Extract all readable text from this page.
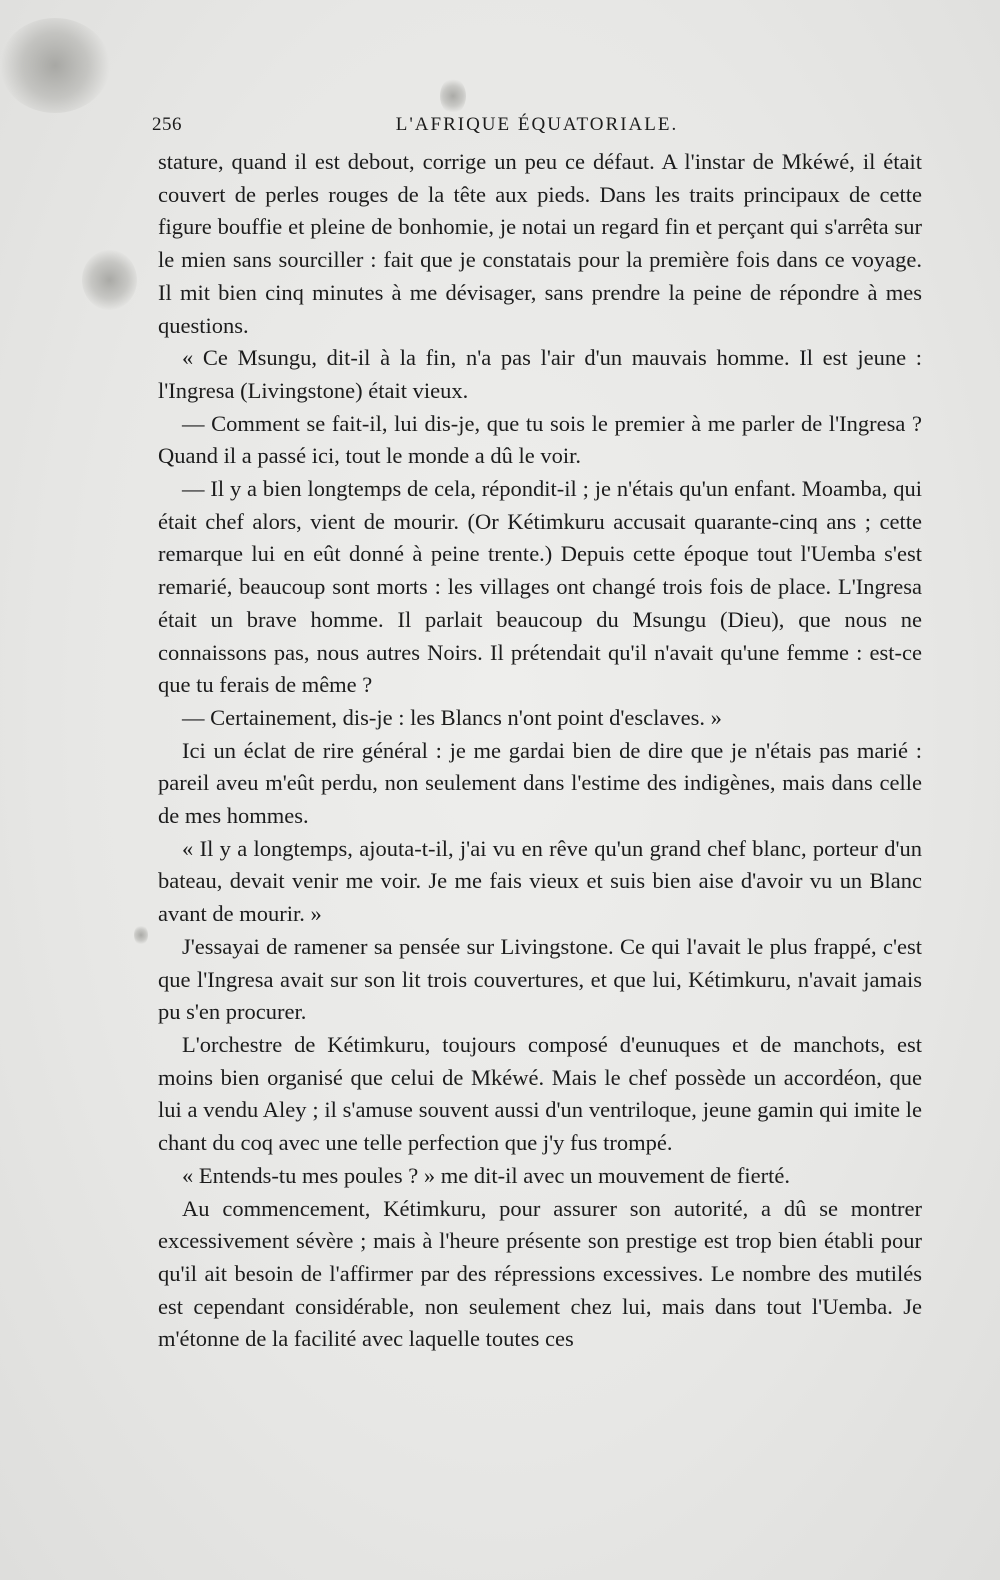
256	L'AFRIQUE ÉQUATORIALE.

stature, quand il est debout, corrige un peu ce défaut. A l'instar de Mkéwé, il était couvert de perles rouges de la tête aux pieds. Dans les traits principaux de cette figure bouffie et pleine de bonhomie, je notai un regard fin et perçant qui s'arrêta sur le mien sans sourciller : fait que je constatais pour la première fois dans ce voyage. Il mit bien cinq minutes à me dévisager, sans prendre la peine de répondre à mes questions.

« Ce Msungu, dit-il à la fin, n'a pas l'air d'un mauvais homme. Il est jeune : l'Ingresa (Livingstone) était vieux.

— Comment se fait-il, lui dis-je, que tu sois le premier à me parler de l'Ingresa ? Quand il a passé ici, tout le monde a dû le voir.

— Il y a bien longtemps de cela, répondit-il ; je n'étais qu'un enfant. Moamba, qui était chef alors, vient de mourir. (Or Kétimkuru accusait quarante-cinq ans ; cette remarque lui en eût donné à peine trente.) Depuis cette époque tout l'Uemba s'est remarié, beaucoup sont morts : les villages ont changé trois fois de place. L'Ingresa était un brave homme. Il parlait beaucoup du Msungu (Dieu), que nous ne connaissons pas, nous autres Noirs. Il prétendait qu'il n'avait qu'une femme : est-ce que tu ferais de même ?

— Certainement, dis-je : les Blancs n'ont point d'esclaves. »

Ici un éclat de rire général : je me gardai bien de dire que je n'étais pas marié : pareil aveu m'eût perdu, non seulement dans l'estime des indigènes, mais dans celle de mes hommes.

« Il y a longtemps, ajouta-t-il, j'ai vu en rêve qu'un grand chef blanc, porteur d'un bateau, devait venir me voir. Je me fais vieux et suis bien aise d'avoir vu un Blanc avant de mourir. »

J'essayai de ramener sa pensée sur Livingstone. Ce qui l'avait le plus frappé, c'est que l'Ingresa avait sur son lit trois couvertures, et que lui, Kétimkuru, n'avait jamais pu s'en procurer.

L'orchestre de Kétimkuru, toujours composé d'eunuques et de manchots, est moins bien organisé que celui de Mkéwé. Mais le chef possède un accordéon, que lui a vendu Aley ; il s'amuse souvent aussi d'un ventriloque, jeune gamin qui imite le chant du coq avec une telle perfection que j'y fus trompé.

« Entends-tu mes poules ? » me dit-il avec un mouvement de fierté.

Au commencement, Kétimkuru, pour assurer son autorité, a dû se montrer excessivement sévère ; mais à l'heure présente son prestige est trop bien établi pour qu'il ait besoin de l'affirmer par des répressions excessives. Le nombre des mutilés est cependant considérable, non seulement chez lui, mais dans tout l'Uemba. Je m'étonne de la facilité avec laquelle toutes ces
